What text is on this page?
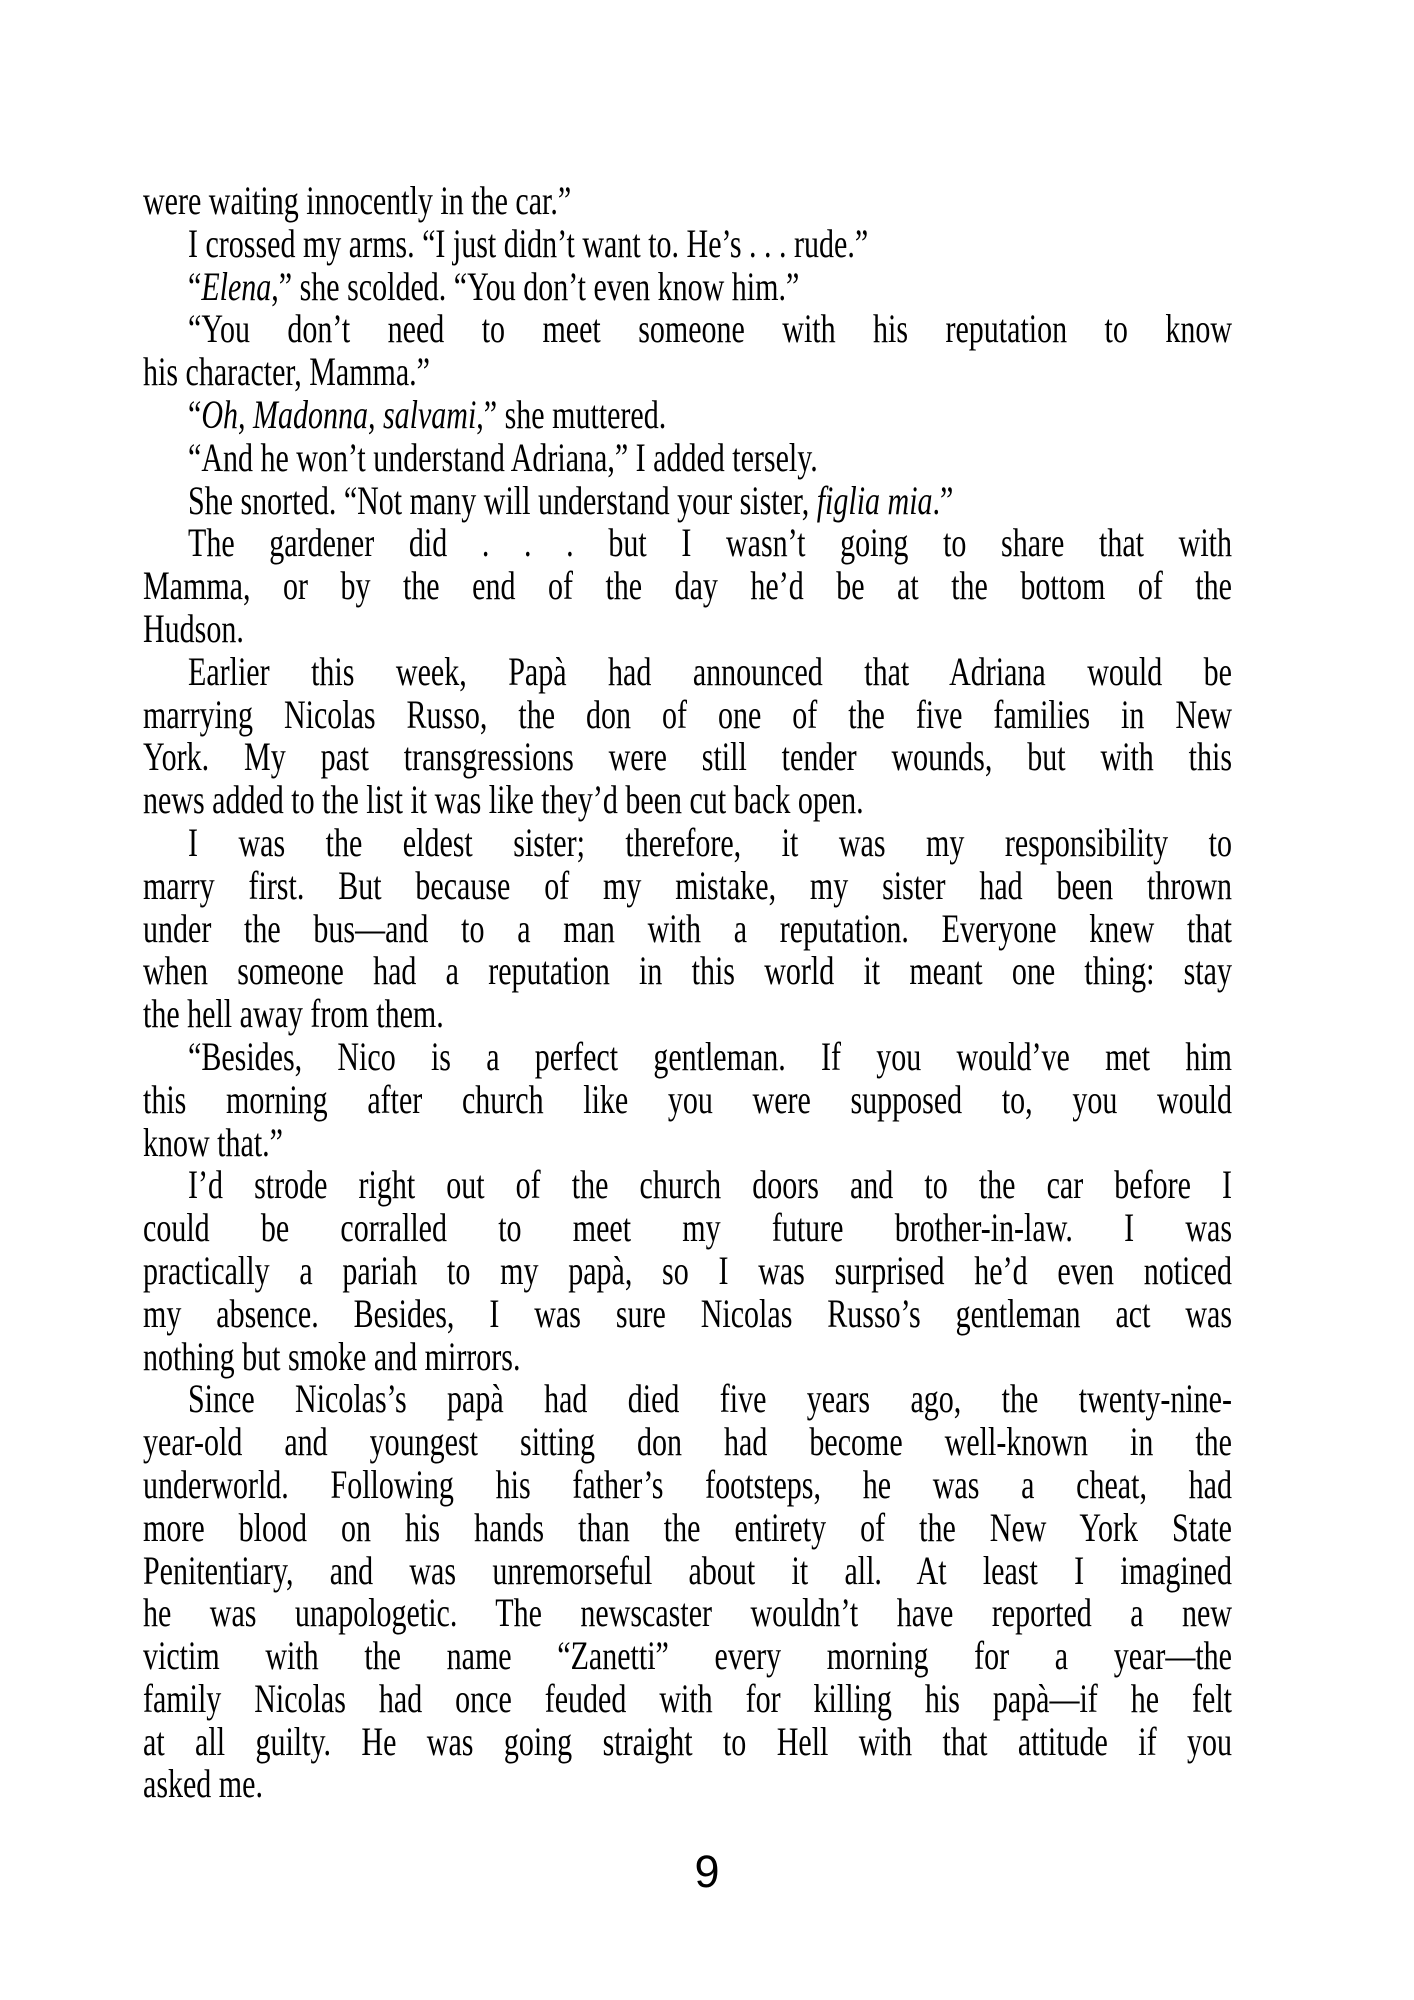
were waiting innocently in the car.”
I crossed my arms. “I just didn’t want to. He’s . . . rude.”
“Elena,” she scolded. “You don’t even know him.”
“You don’t need to meet someone with his reputation to know
his character, Mamma.”
“Oh, Madonna, salvami,” she muttered.
“And he won’t understand Adriana,” I added tersely.
She snorted. “Not many will understand your sister, figlia mia.”
The gardener did . . . but I wasn’t going to share that with
Mamma, or by the end of the day he’d be at the bottom of the
Hudson.
Earlier this week, Papà had announced that Adriana would be
marrying Nicolas Russo, the don of one of the five families in New
York. My past transgressions were still tender wounds, but with this
news added to the list it was like they’d been cut back open.
I was the eldest sister; therefore, it was my responsibility to
marry first. But because of my mistake, my sister had been thrown
under the bus—and to a man with a reputation. Everyone knew that
when someone had a reputation in this world it meant one thing: stay
the hell away from them.
“Besides, Nico is a perfect gentleman. If you would’ve met him
this morning after church like you were supposed to, you would
know that.”
I’d strode right out of the church doors and to the car before I
could be corralled to meet my future brother-in-law. I was
practically a pariah to my papà, so I was surprised he’d even noticed
my absence. Besides, I was sure Nicolas Russo’s gentleman act was
nothing but smoke and mirrors.
Since Nicolas’s papà had died five years ago, the twenty-nine-
year-old and youngest sitting don had become well-known in the
underworld. Following his father’s footsteps, he was a cheat, had
more blood on his hands than the entirety of the New York State
Penitentiary, and was unremorseful about it all. At least I imagined
he was unapologetic. The newscaster wouldn’t have reported a new
victim with the name “Zanetti” every morning for a year—the
family Nicolas had once feuded with for killing his papà—if he felt
at all guilty. He was going straight to Hell with that attitude if you
asked me.
9
